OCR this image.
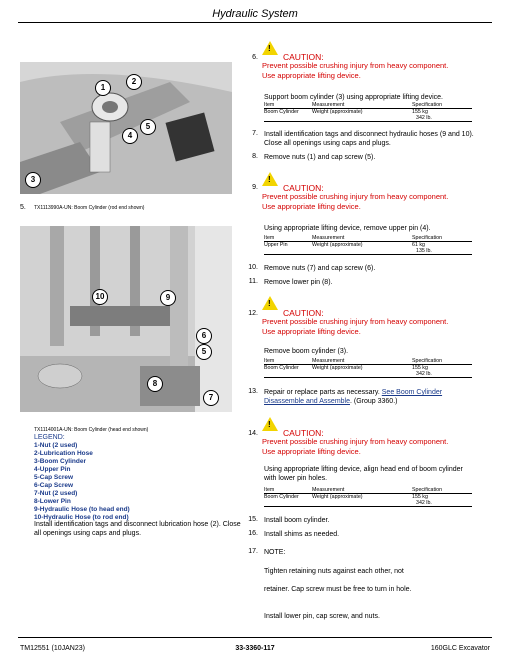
Hydraulic System
1
2
4
5
3
5.	TX1113990A-UN: Boom Cylinder (rod end shown)
10	9
6
5
8
7
TX1114001A-UN: Boom Cylinder (head end shown)
LEGEND:
1-Nut (2 used)
2-Lubrication Hose
3-Boom Cylinder
4-Upper Pin
5-Cap Screw
6-Cap Screw
7-Nut (2 used)
8-Lower Pin
9-Hydraulic Hose (to head end)
10-Hydraulic Hose (to rod end)
Install identification tags and disconnect lubrication hose (2). Close all openings using caps and plugs.
6.
!
CAUTION:
Prevent possible crushing injury from heavy component.
Use appropriate lifting device.
Support boom cylinder (3) using appropriate lifting device.
Item	Measurement	Specification
Boom Cylinder	Weight (approximate)	155 kg
342 lb.
7. Install identification tags and disconnect hydraulic hoses (9 and 10). Close all openings using caps and plugs.
8. Remove nuts (1) and cap screw (5).
9.
!
CAUTION:
Prevent possible crushing injury from heavy component.
Use appropriate lifting device.
Using appropriate lifting device, remove upper pin (4).
Item	Measurement	Specification
Upper Pin	Weight (approximate)	61 kg
135 lb.
10. Remove nuts (7) and cap screw (6).
11. Remove lower pin (8).
12.
!
CAUTION:
Prevent possible crushing injury from heavy component.
Use appropriate lifting device.
Remove boom cylinder (3).
Item	Measurement	Specification
Boom Cylinder	Weight (approximate)	155 kg
342 lb.
13. Repair or replace parts as necessary. See Boom Cylinder Disassemble and Assemble. (Group 3360.)
14.
!
CAUTION:
Prevent possible crushing injury from heavy component.
Use appropriate lifting device.
Using appropriate lifting device, align head end of boom cylinder with lower pin holes.
Item	Measurement	Specification
Boom Cylinder	Weight (approximate)	155 kg
342 lb.
15. Install boom cylinder.
16. Install shims as needed.
17. NOTE:
Tighten retaining nuts against each other, not
retainer. Cap screw must be free to turn in hole.
Install lower pin, cap screw, and nuts.
TM12551 (10JAN23)	33-3360-117	160GLC Excavator
